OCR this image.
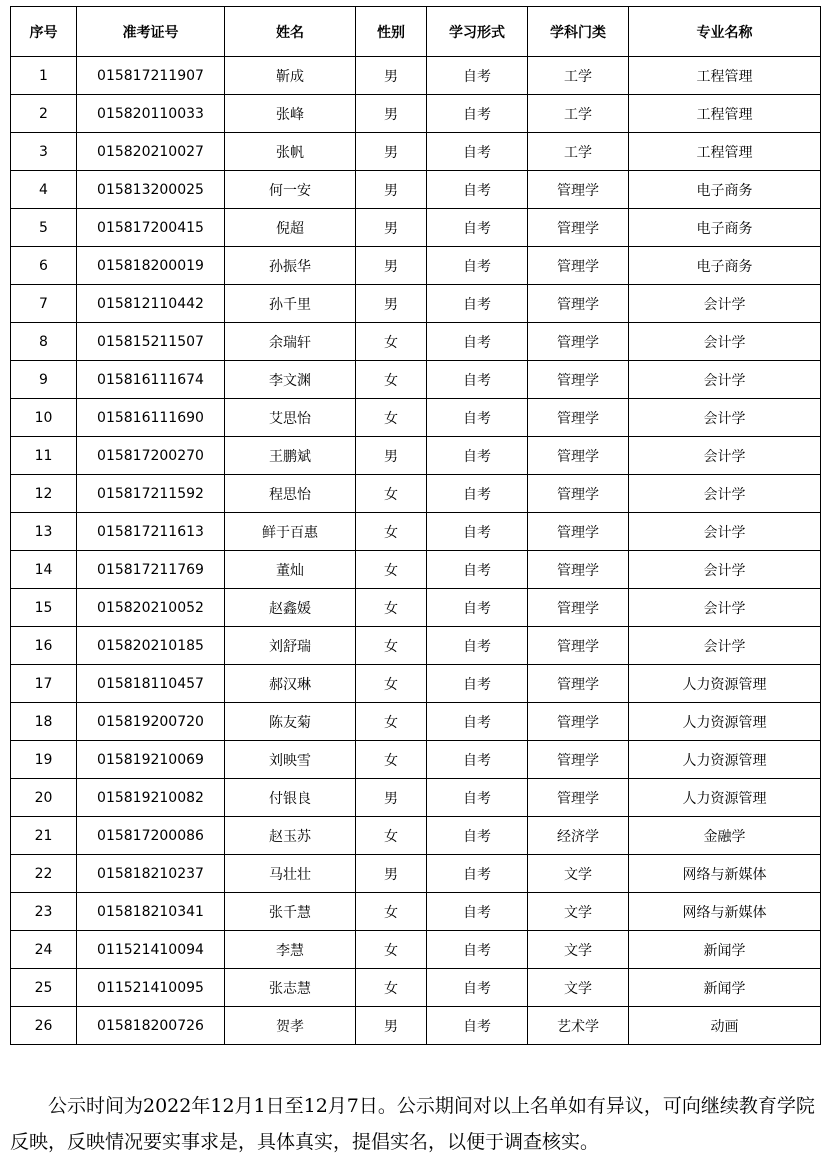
序号	准考证号	姓名	性别	学习形式	学科门类	专业名称
1	015817211907	靳成	男	自考	工学	工程管理
2	015820110033	张峰	男	自考	工学	工程管理
3	015820210027	张帆	男	自考	工学	工程管理
4	015813200025	何一安	男	自考	管理学	电子商务
5	015817200415	倪超	男	自考	管理学	电子商务
6	015818200019	孙振华	男	自考	管理学	电子商务
7	015812110442	孙千里	男	自考	管理学	会计学
8	015815211507	余瑞轩	女	自考	管理学	会计学
9	015816111674	李文渊	女	自考	管理学	会计学
10	015816111690	艾思怡	女	自考	管理学	会计学
11	015817200270	王鹏斌	男	自考	管理学	会计学
12	015817211592	程思怡	女	自考	管理学	会计学
13	015817211613	鲜于百惠	女	自考	管理学	会计学
14	015817211769	董灿	女	自考	管理学	会计学
15	015820210052	赵鑫媛	女	自考	管理学	会计学
16	015820210185	刘舒瑞	女	自考	管理学	会计学
17	015818110457	郝汉琳	女	自考	管理学	人力资源管理
18	015819200720	陈友菊	女	自考	管理学	人力资源管理
19	015819210069	刘映雪	女	自考	管理学	人力资源管理
20	015819210082	付银良	男	自考	管理学	人力资源管理
21	015817200086	赵玉苏	女	自考	经济学	金融学
22	015818210237	马壮壮	男	自考	文学	网络与新媒体
23	015818210341	张千慧	女	自考	文学	网络与新媒体
24	011521410094	李慧	女	自考	文学	新闻学
25	011521410095	张志慧	女	自考	文学	新闻学
26	015818200726	贺孝	男	自考	艺术学	动画

公示时间为2022年12月1日至12月7日。公示期间对以上名单如有异议，可向继续教育学院反映，反映情况要实事求是，具体真实，提倡实名，以便于调查核实。
